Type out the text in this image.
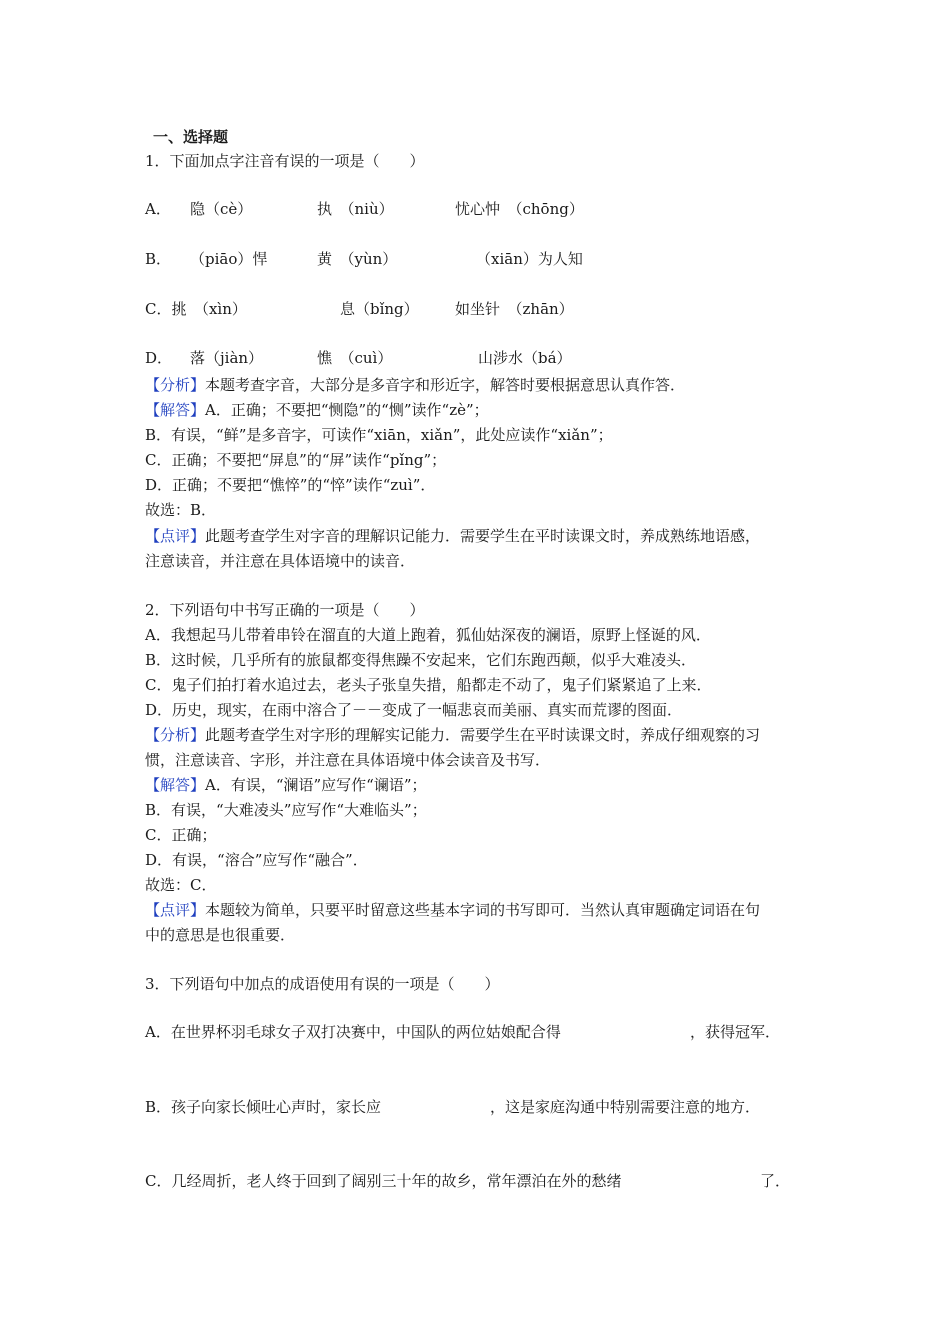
一、选择题
1．下面加点字注音有误的一项是（　　）
A． 隐（cè）	执　（niù）	忧心忡　（chōng）
B． （piāo）悍	黄　（yùn）	（xiān）为人知
C．挑　（xìn）	息（bǐng） 如坐针　（zhān）
D． 落（jiàn）	憔　（cuì）	山涉水（bá）
【分析】本题考查字音，大部分是多音字和形近字，解答时要根据意思认真作答．
【解答】A．正确；不要把“恻隐”的“恻”读作“zè”；
B．有误，“鲜”是多音字，可读作“xiān，xiǎn”，此处应读作“xiǎn”；
C．正确；不要把“屏息”的“屏”读作“pǐng”；
D．正确；不要把“憔悴”的“悴”读作“zuì”．
故选：B．
【点评】此题考查学生对字音的理解识记能力．需要学生在平时读课文时，养成熟练地语感，
注意读音，并注意在具体语境中的读音．
2．下列语句中书写正确的一项是（　　）
A．我想起马儿带着串铃在溜直的大道上跑着，狐仙姑深夜的澜语，原野上怪诞的风．
B．这时候，几乎所有的旅鼠都变得焦躁不安起来，它们东跑西颠，似乎大难凌头．
C．鬼子们拍打着水追过去，老头子张皇失措，船都走不动了，鬼子们紧紧追了上来．
D．历史，现实，在雨中溶合了－－变成了一幅悲哀而美丽、真实而荒谬的图面．
【分析】此题考查学生对字形的理解实记能力．需要学生在平时读课文时，养成仔细观察的习
惯，注意读音、字形，并注意在具体语境中体会读音及书写．
【解答】A．有误，“澜语”应写作“谰语”；
B．有误，“大难凌头”应写作“大难临头”；
C．正确；
D．有误，“溶合”应写作“融合”．
故选：C．
【点评】本题较为简单，只要平时留意这些基本字词的书写即可．当然认真审题确定词语在句
中的意思是也很重要．
3．下列语句中加点的成语使用有误的一项是（　　）
A．在世界杯羽毛球女子双打决赛中，中国队的两位姑娘配合得	，获得冠军．
B．孩子向家长倾吐心声时，家长应	，这是家庭沟通中特别需要注意的地方．
C．几经周折，老人终于回到了阔别三十年的故乡，常年漂泊在外的愁绪	了．
